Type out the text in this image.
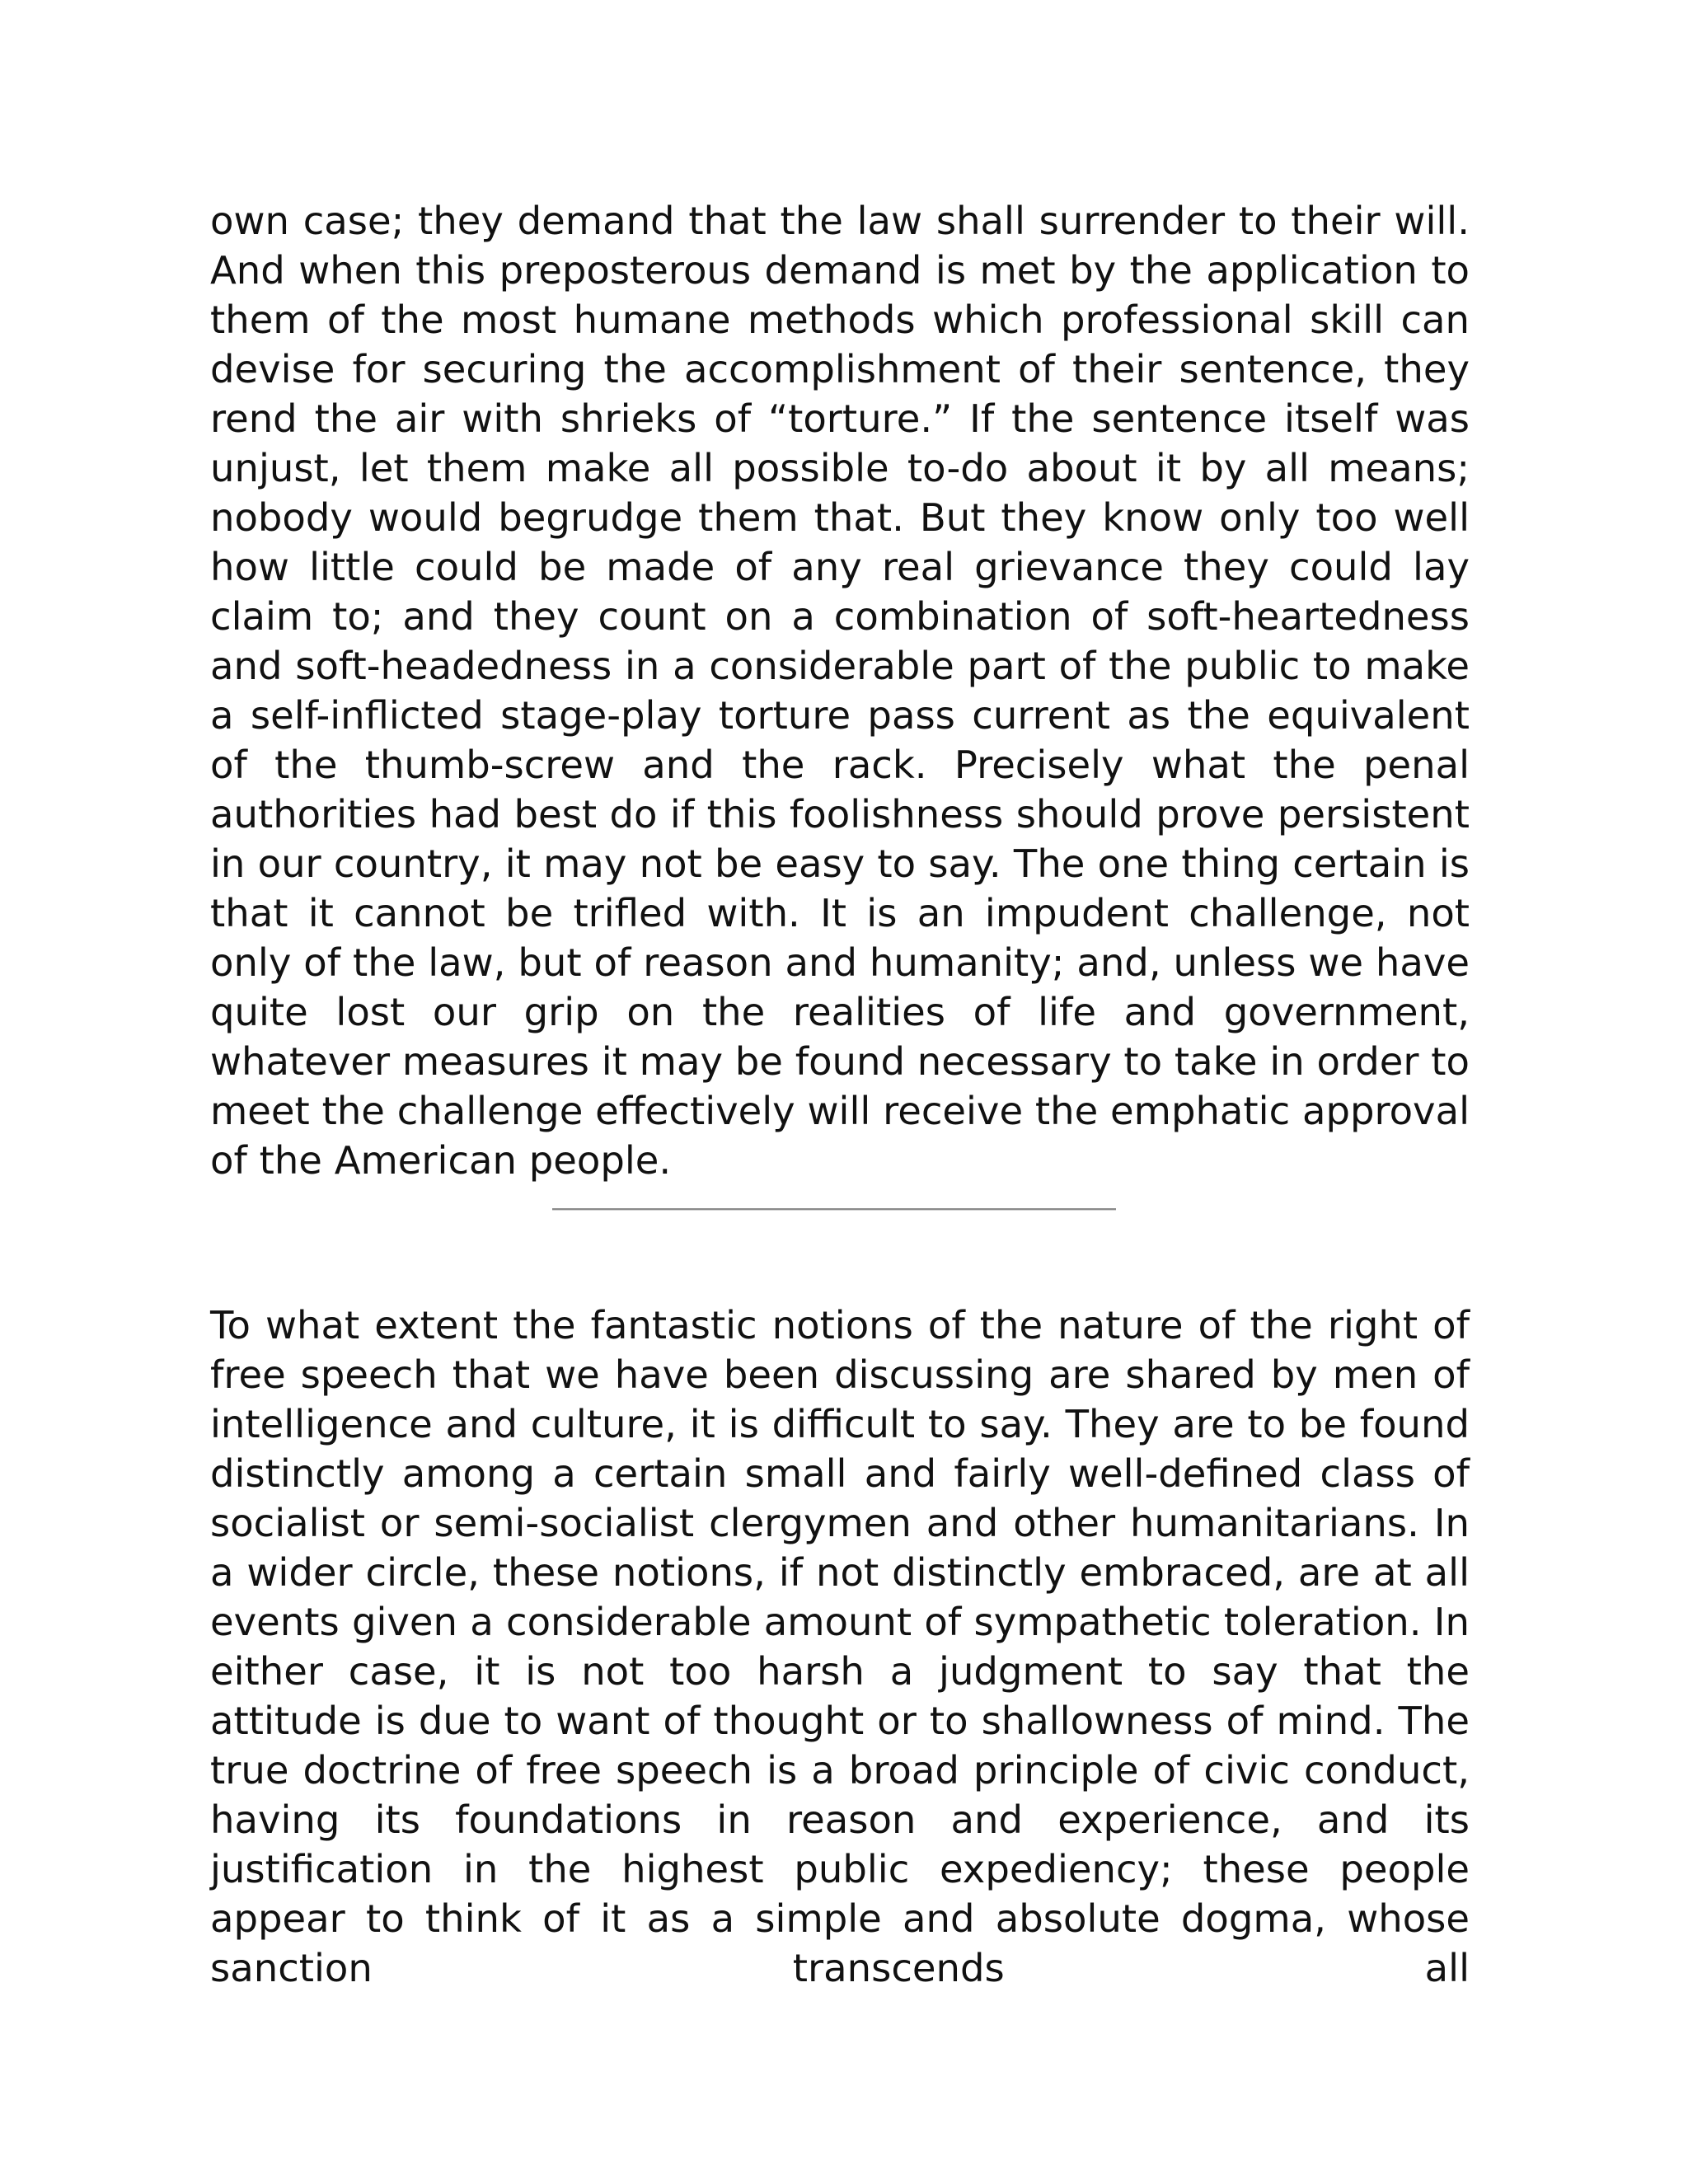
own case; they demand that the law shall surrender to their will. And when this preposterous demand is met by the application to them of the most humane methods which professional skill can devise for securing the accomplishment of their sentence, they rend the air with shrieks of “torture.” If the sentence itself was unjust, let them make all possible to-do about it by all means; nobody would begrudge them that. But they know only too well how little could be made of any real grievance they could lay claim to; and they count on a combination of soft-heartedness and soft-headedness in a considerable part of the public to make a self-inflicted stage-play torture pass current as the equivalent of the thumb-screw and the rack. Precisely what the penal authorities had best do if this foolishness should prove persistent in our country, it may not be easy to say. The one thing certain is that it cannot be trifled with. It is an impudent challenge, not only of the law, but of reason and humanity; and, unless we have quite lost our grip on the realities of life and government, whatever measures it may be found necessary to take in order to meet the challenge effectively will receive the emphatic approval of the American people.

To what extent the fantastic notions of the nature of the right of free speech that we have been discussing are shared by men of intelligence and culture, it is difficult to say. They are to be found distinctly among a certain small and fairly well-defined class of socialist or semi-socialist clergymen and other humanitarians. In a wider circle, these notions, if not distinctly embraced, are at all events given a considerable amount of sympathetic toleration. In either case, it is not too harsh a judgment to say that the attitude is due to want of thought or to shallowness of mind. The true doctrine of free speech is a broad principle of civic conduct, having its foundations in reason and experience, and its justification in the highest public expediency; these people appear to think of it as a simple and absolute dogma, whose sanction transcends all
